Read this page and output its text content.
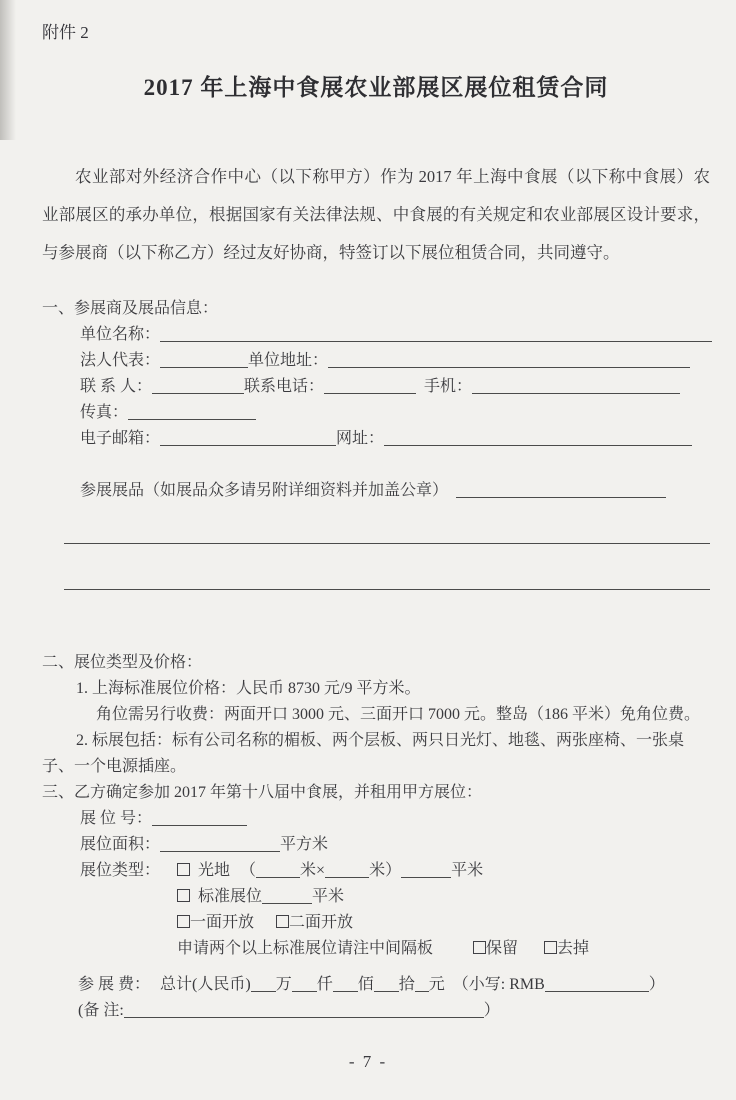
附件 2
2017 年上海中食展农业部展区展位租赁合同
农业部对外经济合作中心（以下称甲方）作为 2017 年上海中食展（以下称中食展）农业部展区的承办单位，根据国家有关法律法规、中食展的有关规定和农业部展区设计要求，与参展商（以下称乙方）经过友好协商，特签订以下展位租赁合同，共同遵守。
一、参展商及展品信息：
单位名称：
法人代表：	单位地址：
联 系 人：	联系电话：	手机：
传真：
电子邮箱：	网址：
参展展品（如展品众多请另附详细资料并加盖公章）
二、展位类型及价格：
1. 上海标准展位价格：人民币 8730 元/9 平方米。
角位需另行收费：两面开口 3000 元、三面开口 7000 元。整岛（186 平米）免角位费。
2. 标展包括：标有公司名称的楣板、两个层板、两只日光灯、地毯、两张座椅、一张桌
子、一个电源插座。
三、乙方确定参加 2017 年第十八届中食展，并租用甲方展位：
展 位 号：
展位面积：	平方米
展位类型： 光地 （	米×	米）	平米
标准展位	平米
一面开放 二面开放
申请两个以上标准展位请注中间隔板	保留 去掉
参 展 费： 总计(人民币) 万 仟 佰 拾 元 （小写: RMB	）
(备 注:	）
- 7 -
